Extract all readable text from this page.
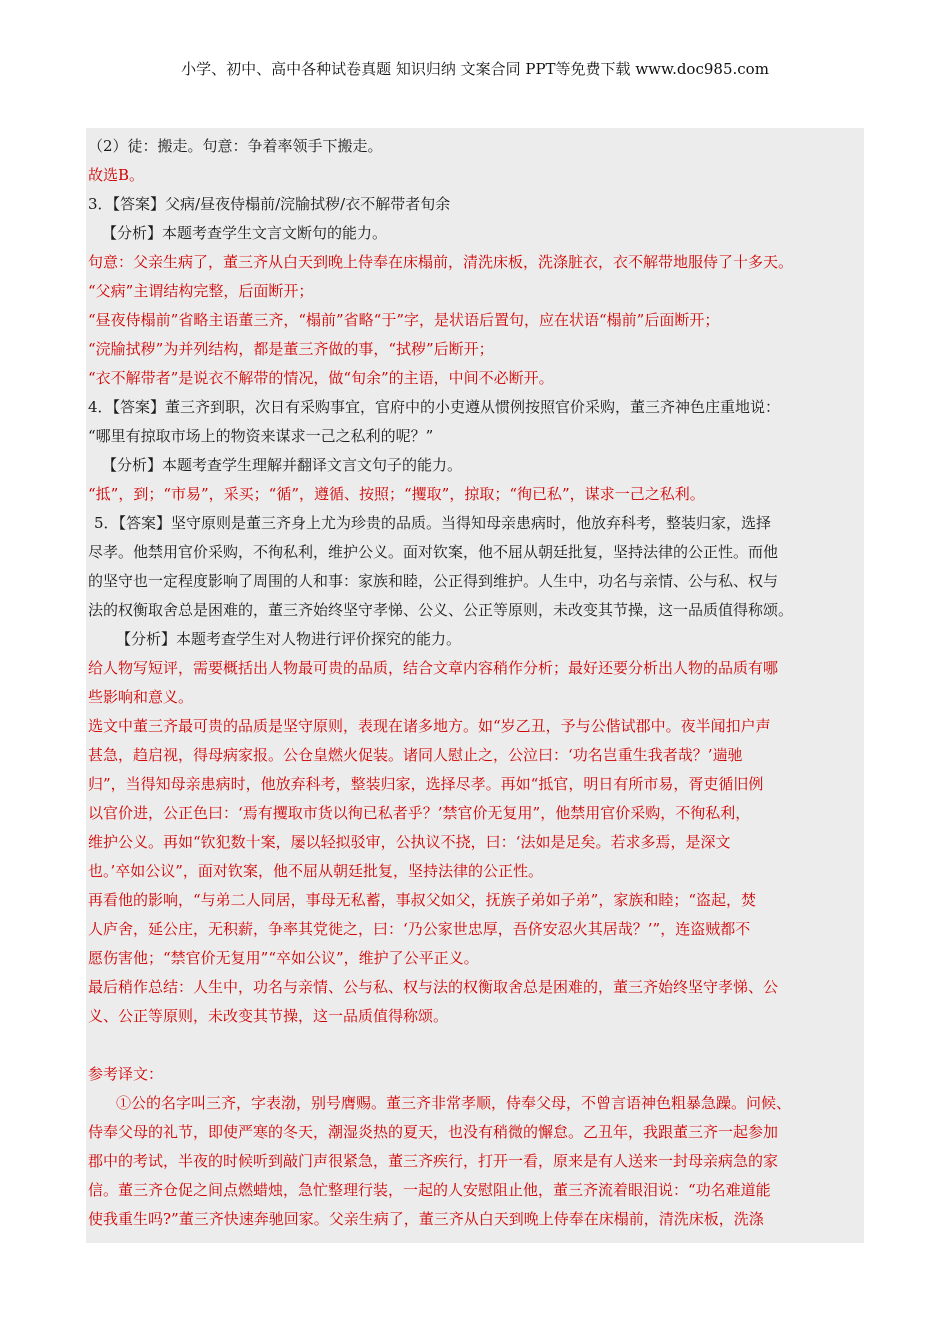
小学、初中、高中各种试卷真题 知识归纳 文案合同 PPT等免费下载 www.doc985.com

（2）徒：搬走。句意：争着率领手下搬走。

故选B。

3．【答案】父病/昼夜侍榻前/浣牏拭秽/衣不解带者旬余

【分析】本题考查学生文言文断句的能力。

句意：父亲生病了，董三齐从白天到晚上侍奉在床榻前，清洗床板，洗涤脏衣，衣不解带地服侍了十多天。

“父病”主谓结构完整，后面断开；

“昼夜侍榻前”省略主语董三齐，“榻前”省略“于”字，是状语后置句，应在状语“榻前”后面断开；

“浣牏拭秽”为并列结构，都是董三齐做的事，“拭秽”后断开；

“衣不解带者”是说衣不解带的情况，做“旬余”的主语，中间不必断开。

4．【答案】董三齐到职，次日有采购事宜，官府中的小吏遵从惯例按照官价采购，董三齐神色庄重地说：

“哪里有掠取市场上的物资来谋求一己之私利的呢？”

【分析】本题考查学生理解并翻译文言文句子的能力。

“抵”，到；“市易”，采买；“循”，遵循、按照；“攫取”，掠取；“徇已私”，谋求一己之私利。

5．【答案】坚守原则是董三齐身上尤为珍贵的品质。当得知母亲患病时，他放弃科考，整装归家，选择

尽孝。他禁用官价采购，不徇私利，维护公义。面对钦案，他不屈从朝廷批复，坚持法律的公正性。而他

的坚守也一定程度影响了周围的人和事：家族和睦，公正得到维护。人生中，功名与亲情、公与私、权与

法的权衡取舍总是困难的，董三齐始终坚守孝悌、公义、公正等原则，未改变其节操，这一品质值得称颂。

【分析】本题考查学生对人物进行评价探究的能力。

给人物写短评，需要概括出人物最可贵的品质，结合文章内容稍作分析；最好还要分析出人物的品质有哪

些影响和意义。

选文中董三齐最可贵的品质是坚守原则，表现在诸多地方。如“岁乙丑，予与公偕试郡中。夜半闻扣户声

甚急，趋启视，得母病家报。公仓皇燃火促装。诸同人慰止之，公泣曰：‘功名岂重生我者哉？’遄驰

归”，当得知母亲患病时，他放弃科考，整装归家，选择尽孝。再如“抵官，明日有所市易，胥吏循旧例

以官价进，公正色曰：‘焉有攫取市货以徇已私者乎？’禁官价无复用”，他禁用官价采购，不徇私利，

维护公义。再如“钦犯数十案，屡以轻拟驳审，公执议不挠，曰：‘法如是足矣。若求多焉，是深文

也。’卒如公议”，面对钦案，他不屈从朝廷批复，坚持法律的公正性。

再看他的影响，“与弟二人同居，事母无私蓄，事叔父如父，抚族子弟如子弟”，家族和睦；“盗起，焚

人庐舍，延公庄，无积薪，争率其党徙之，曰：‘乃公家世忠厚，吾侪安忍火其居哉？’”，连盗贼都不

愿伤害他；“禁官价无复用”“卒如公议”，维护了公平正义。

最后稍作总结：人生中，功名与亲情、公与私、权与法的权衡取舍总是困难的，董三齐始终坚守孝悌、公

义、公正等原则，未改变其节操，这一品质值得称颂。

参考译文：

①公的名字叫三齐，字表渤，别号膺赐。董三齐非常孝顺，侍奉父母，不曾言语神色粗暴急躁。问候、

侍奉父母的礼节，即使严寒的冬天，潮湿炎热的夏天，也没有稍微的懈怠。乙丑年，我跟董三齐一起参加

郡中的考试，半夜的时候听到敲门声很紧急，董三齐疾行，打开一看，原来是有人送来一封母亲病急的家

信。董三齐仓促之间点燃蜡烛，急忙整理行装，一起的人安慰阻止他，董三齐流着眼泪说：“功名难道能

使我重生吗?”董三齐快速奔驰回家。父亲生病了，董三齐从白天到晚上侍奉在床榻前，清洗床板，洗涤
